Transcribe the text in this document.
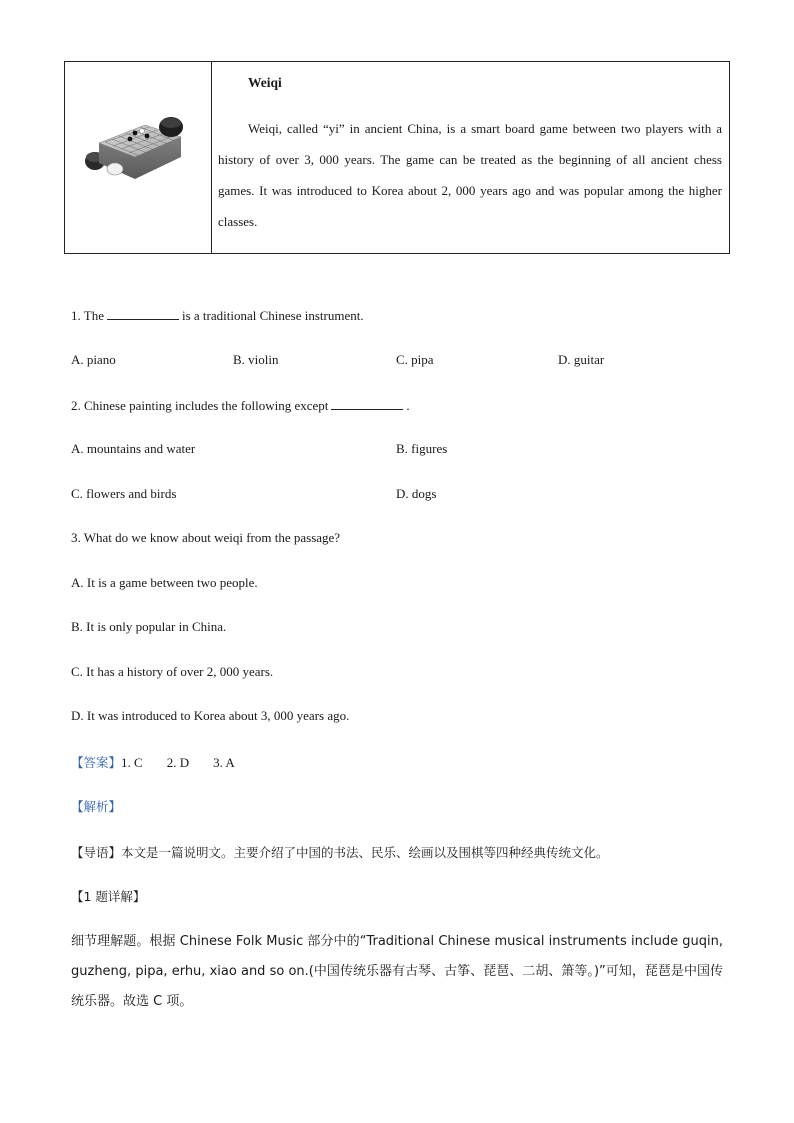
Weiqi

Weiqi, called “yi” in ancient China, is a smart board game between two players with a history of over 3, 000 years. The game can be treated as the beginning of all ancient chess games. It was introduced to Korea about 2, 000 years ago and was popular among the higher classes.

1. The	is a traditional Chinese instrument.
A. piano	B. violin	C. pipa	D. guitar
2. Chinese painting includes the following except	.
A. mountains and water	B. figures
C. flowers and birds	D. dogs
3. What do we know about weiqi from the passage?
A. It is a game between two people.
B. It is only popular in China.
C. It has a history of over 2, 000 years.
D. It was introduced to Korea about 3, 000 years ago.
【答案】1. C 2. D 3. A
【解析】
【导语】本文是一篇说明文。主要介绍了中国的书法、民乐、绘画以及围棋等四种经典传统文化。
【1 题详解】
细节理解题。根据 Chinese Folk Music 部分中的“Traditional Chinese musical instruments include guqin, guzheng, pipa, erhu, xiao and so on.(中国传统乐器有古琴、古筝、琵琶、二胡、箫等。)”可知，琵琶是中国传统乐器。故选 C 项。
